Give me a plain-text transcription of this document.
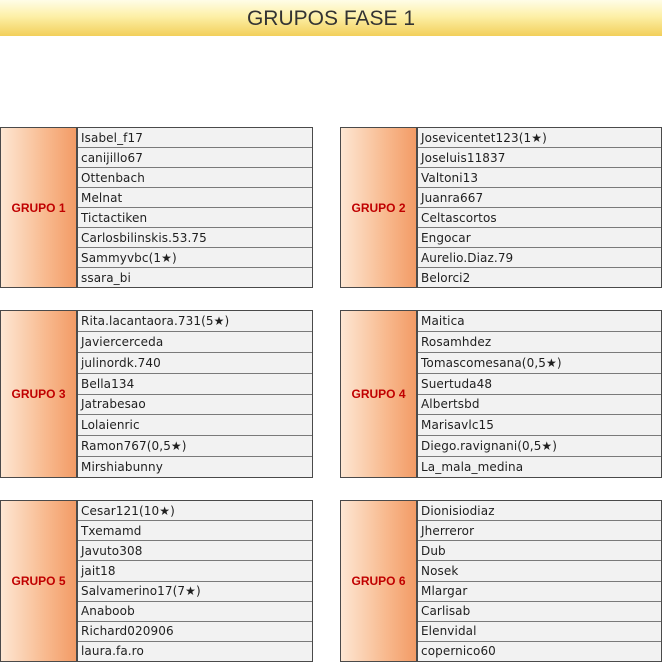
GRUPOS FASE 1
GRUPO 1
Isabel_f17
canijillo67
Ottenbach
Melnat
Tictactiken
Carlosbilinskis.53.75
Sammyvbc(1★)
ssara_bi
GRUPO 2
Josevicentet123(1★)
Joseluis11837
Valtoni13
Juanra667
Celtascortos
Engocar
Aurelio.Diaz.79
Belorci2
GRUPO 3
Rita.lacantaora.731(5★)
Javiercerceda
julinordk.740
Bella134
Jatrabesao
Lolaienric
Ramon767(0,5★)
Mirshiabunny
GRUPO 4
Maitica
Rosamhdez
Tomascomesana(0,5★)
Suertuda48
Albertsbd
Marisavlc15
Diego.ravignani(0,5★)
La_mala_medina
GRUPO 5
Cesar121(10★)
Txemamd
Javuto308
jait18
Salvamerino17(7★)
Anaboob
Richard020906
laura.fa.ro
GRUPO 6
Dionisiodiaz
Jherreror
Dub
Nosek
Mlargar
Carlisab
Elenvidal
copernico60
